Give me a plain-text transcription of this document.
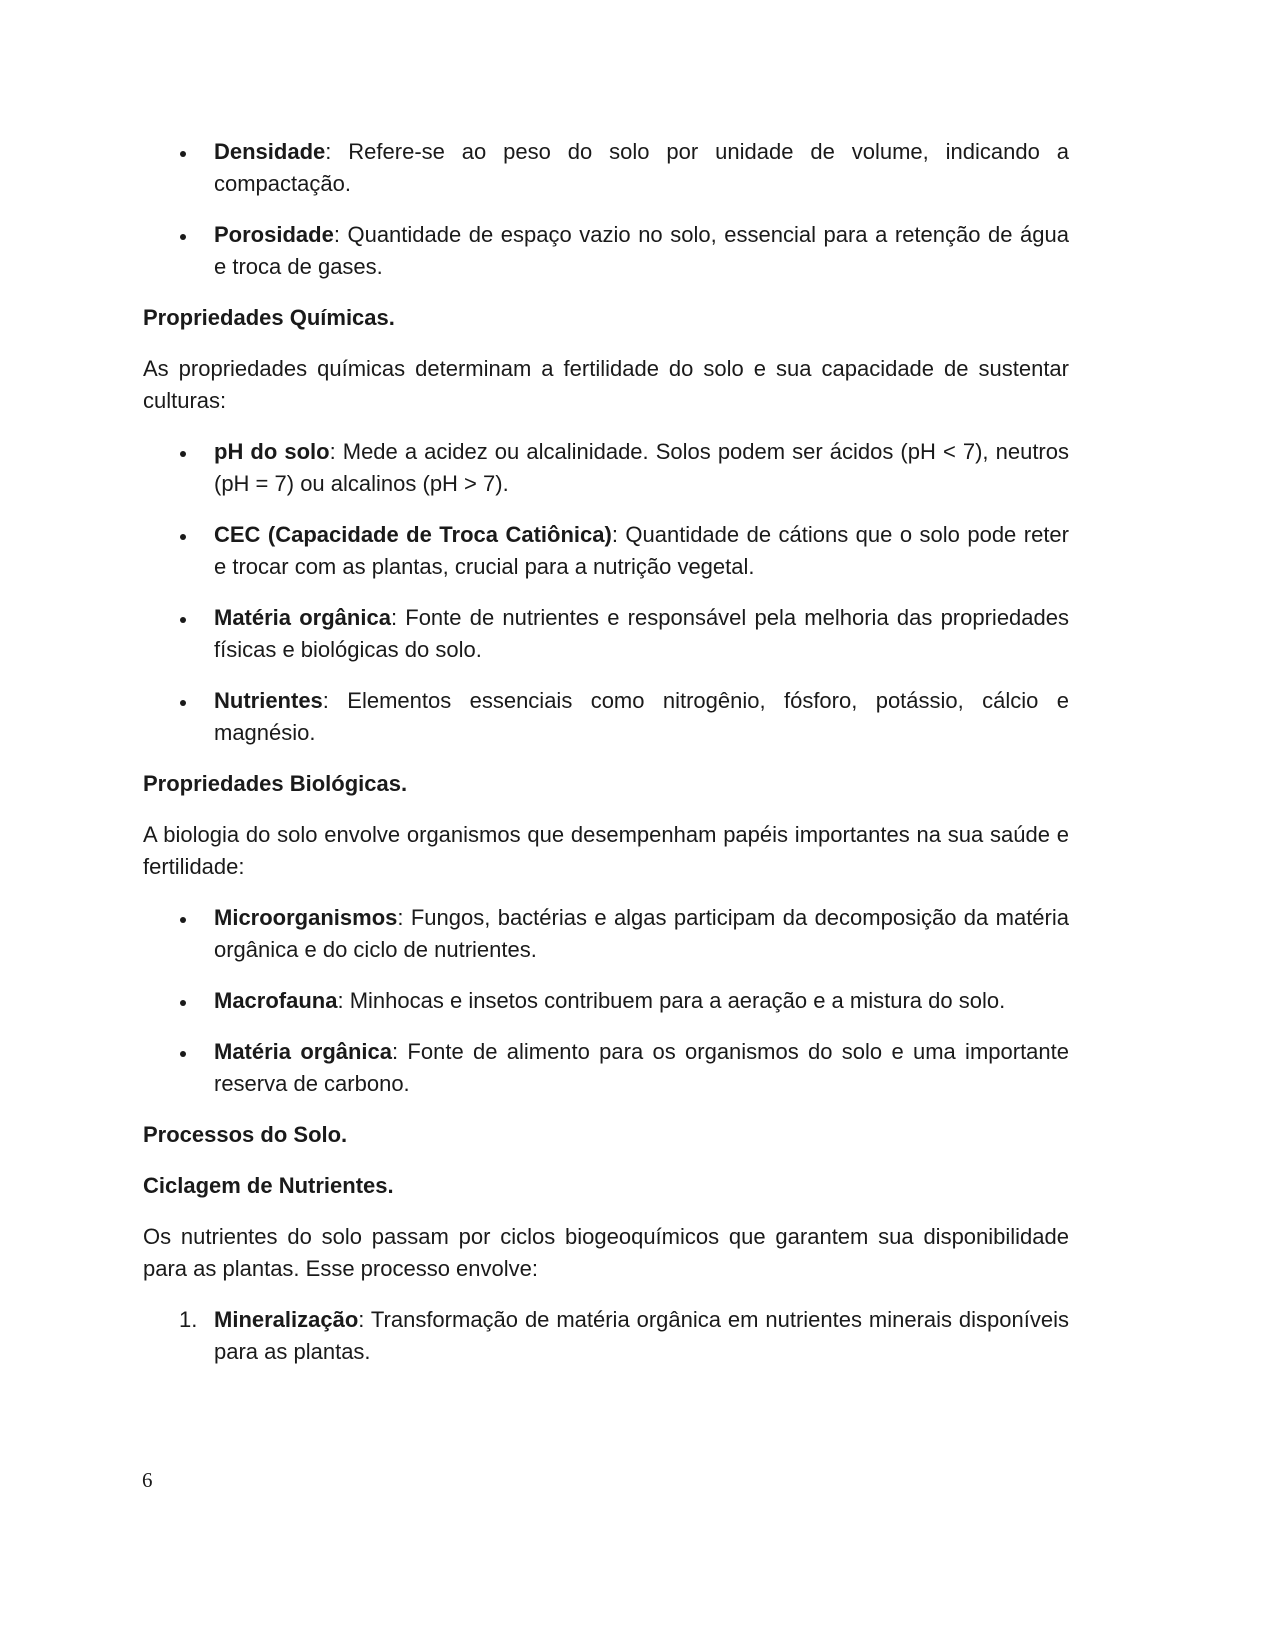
Densidade: Refere-se ao peso do solo por unidade de volume, indicando a compactação.
Porosidade: Quantidade de espaço vazio no solo, essencial para a retenção de água e troca de gases.

Propriedades Químicas.

As propriedades químicas determinam a fertilidade do solo e sua capacidade de sustentar culturas:

pH do solo: Mede a acidez ou alcalinidade. Solos podem ser ácidos (pH < 7), neutros (pH = 7) ou alcalinos (pH > 7).
CEC (Capacidade de Troca Catiônica): Quantidade de cátions que o solo pode reter e trocar com as plantas, crucial para a nutrição vegetal.
Matéria orgânica: Fonte de nutrientes e responsável pela melhoria das propriedades físicas e biológicas do solo.
Nutrientes: Elementos essenciais como nitrogênio, fósforo, potássio, cálcio e magnésio.

Propriedades Biológicas.

A biologia do solo envolve organismos que desempenham papéis importantes na sua saúde e fertilidade:

Microorganismos: Fungos, bactérias e algas participam da decomposição da matéria orgânica e do ciclo de nutrientes.
Macrofauna: Minhocas e insetos contribuem para a aeração e a mistura do solo.
Matéria orgânica: Fonte de alimento para os organismos do solo e uma importante reserva de carbono.

Processos do Solo.

Ciclagem de Nutrientes.

Os nutrientes do solo passam por ciclos biogeoquímicos que garantem sua disponibilidade para as plantas. Esse processo envolve:

1. Mineralização: Transformação de matéria orgânica em nutrientes minerais disponíveis para as plantas.
6
